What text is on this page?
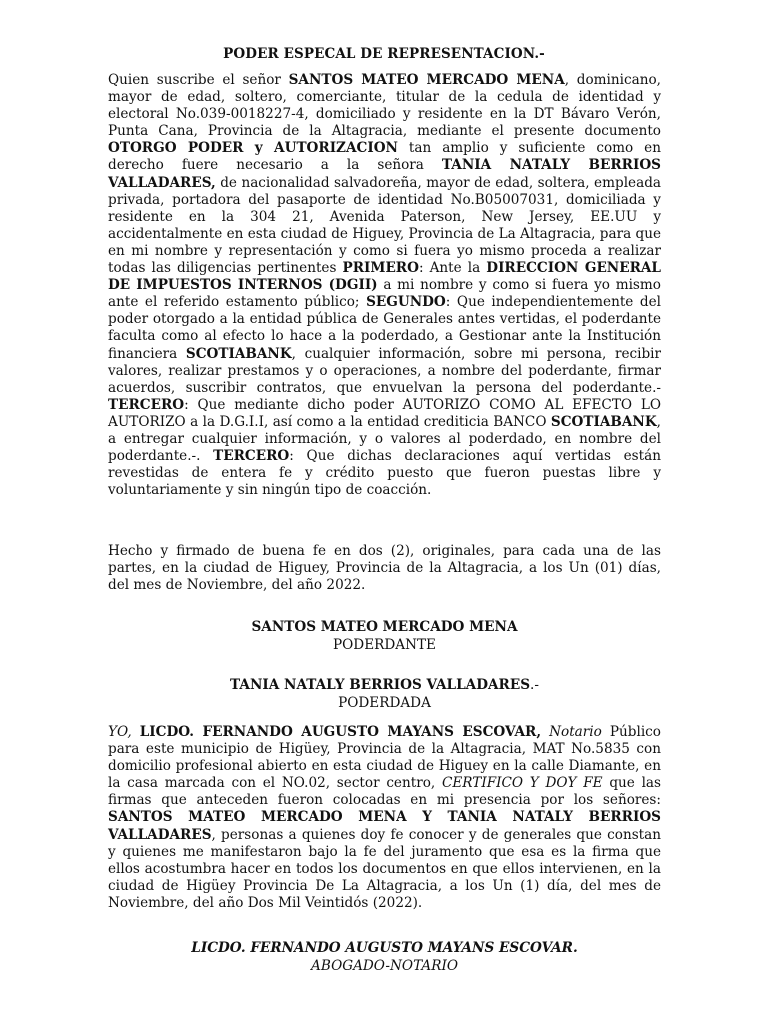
PODER ESPECAL DE REPRESENTACION.-

Quien suscribe el señor SANTOS MATEO MERCADO MENA, dominicano, mayor de edad, soltero, comerciante, titular de la cedula de identidad y electoral No.039-0018227-4, domiciliado y residente en la DT Bávaro Verón, Punta Cana, Provincia de la Altagracia, mediante el presente documento OTORGO PODER y AUTORIZACION tan amplio y suficiente como en derecho fuere necesario a la señora TANIA NATALY BERRIOS VALLADARES, de nacionalidad salvadoreña, mayor de edad, soltera, empleada privada, portadora del pasaporte de identidad No.B05007031, domiciliada y residente en la 304 21, Avenida Paterson, New Jersey, EE.UU y accidentalmente en esta ciudad de Higuey, Provincia de La Altagracia, para que en mi nombre y representación y como si fuera yo mismo proceda a realizar todas las diligencias pertinentes PRIMERO: Ante la DIRECCION GENERAL DE IMPUESTOS INTERNOS (DGII) a mi nombre y como si fuera yo mismo ante el referido estamento público; SEGUNDO: Que independientemente del poder otorgado a la entidad pública de Generales antes vertidas, el poderdante faculta como al efecto lo hace a la poderdado, a Gestionar ante la Institución financiera SCOTIABANK, cualquier información, sobre mi persona, recibir valores, realizar prestamos y o operaciones, a nombre del poderdante, firmar acuerdos, suscribir contratos, que envuelvan la persona del poderdante.- TERCERO: Que mediante dicho poder AUTORIZO COMO AL EFECTO LO AUTORIZO a la D.G.I.I, así como a la entidad crediticia BANCO SCOTIABANK, a entregar cualquier información, y o valores al poderdado, en nombre del poderdante.-. TERCERO: Que dichas declaraciones aquí vertidas están revestidas de entera fe y crédito puesto que fueron puestas libre y voluntariamente y sin ningún tipo de coacción.

Hecho y firmado de buena fe en dos (2), originales, para cada una de las partes, en la ciudad de Higuey, Provincia de la Altagracia, a los Un (01) días, del mes de Noviembre, del año 2022.

SANTOS MATEO MERCADO MENA
PODERDANTE
TANIA NATALY BERRIOS VALLADARES.-
PODERDADA

YO, LICDO. FERNANDO AUGUSTO MAYANS ESCOVAR, Notario Público para este municipio de Higüey, Provincia de la Altagracia, MAT No.5835 con domicilio profesional abierto en esta ciudad de Higuey en la calle Diamante, en la casa marcada con el NO.02, sector centro, CERTIFICO Y DOY FE que las firmas que anteceden fueron colocadas en mi presencia por los señores: SANTOS MATEO MERCADO MENA Y TANIA NATALY BERRIOS VALLADARES, personas a quienes doy fe conocer y de generales que constan y quienes me manifestaron bajo la fe del juramento que esa es la firma que ellos acostumbra hacer en todos los documentos en que ellos intervienen, en la ciudad de Higüey Provincia De La Altagracia, a los Un (1) día, del mes de Noviembre, del año Dos Mil Veintidós (2022).

LICDO. FERNANDO AUGUSTO MAYANS ESCOVAR.
ABOGADO-NOTARIO
